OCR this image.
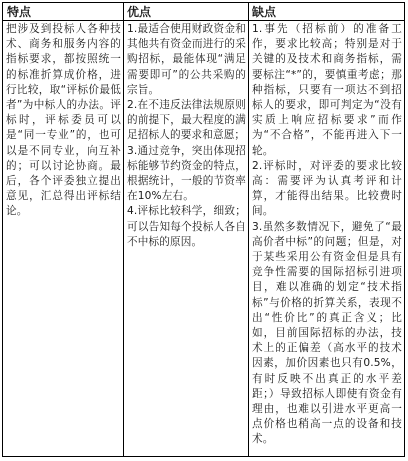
特点	优点	缺点
把涉及到投标人各种技术、商务和服务内容的指标要求，都按照统一的标准折算成价格，进行比较，取“评标价最低者”为中标人的办法。评标时，评标委员可以是“同一专业”的，也可以是不同专业，向互补的；可以讨论协商。最后，各个评委独立提出意见，汇总得出评标结论。
1.最适合使用财政资金和其他共有资金而进行的采购招标，最能体现“满足需要即可”的公共采购的宗旨。
2.在不违反法律法规原则的前提下，最大程度的满足招标人的要求和意愿；
3.通过竞争，突出体现招标能够节约资金的特点，根据统计，一般的节资率在10%左右。
4.评标比较科学，细致；可以告知每个投标人各自不中标的原因。
1.事先（招标前）的准备工作，要求比较高；特别是对于关键的及技术和商务指标，需要标注“*”的，要慎重考虑；那种指标，只要有一项达不到招标人的要求，即可判定为“没有实质上响应招标要求”而作为“不合格”，不能再进入下一轮。
2.评标时，对评委的要求比较高：需要评为认真考评和计算，才能得出结果。比较费时间。
3.虽然多数情况下，避免了“最高价者中标”的问题；但是，对于某些采用公有资金但是具有竞争性需要的国际招标引进项目，难以准确的划定“技术指标”与价格的折算关系，表现不出“性价比”的真正含义；比如，目前国际招标的办法，技术上的正偏差（高水平的技术因素，加价因素也只有0.5%，有时反映不出真正的水平差距；）导致招标人即使有资金有理由，也难以引进水平更高一点价格也稍高一点的设备和技术。
